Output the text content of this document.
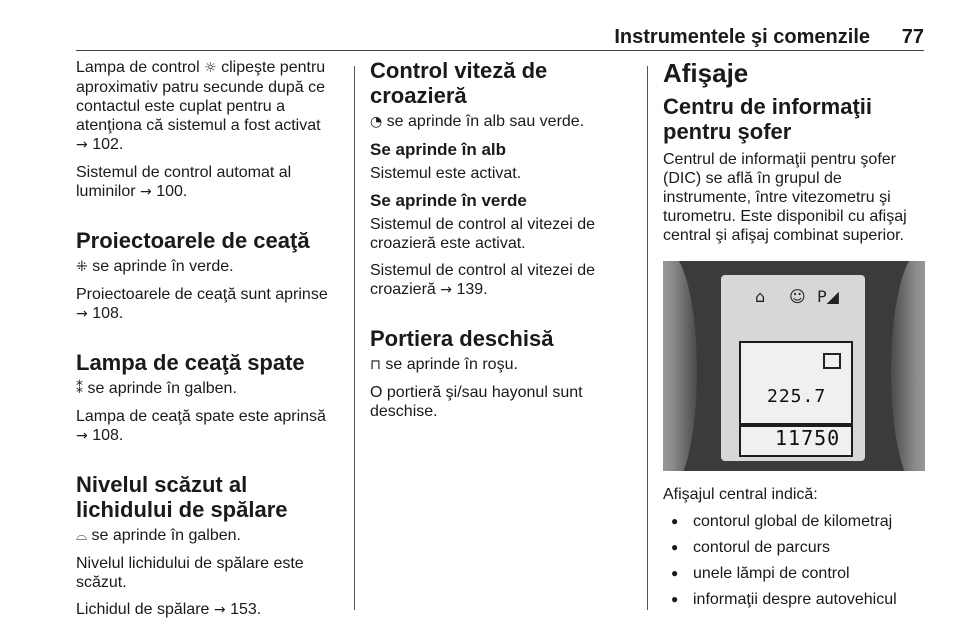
Instrumentele şi comenzile 77

Lampa de control ☼ clipeşte pentru aproximativ patru secunde după ce contactul este cuplat pentru a atenţiona că sistemul a fost activat
→ 102.

Sistemul de control automat al luminilor → 100.

Proiectoarele de ceaţă

⁜ se aprinde în verde.

Proiectoarele de ceaţă sunt aprinse
→ 108.

Lampa de ceaţă spate

⁑ se aprinde în galben.

Lampa de ceaţă spate este aprinsă
→ 108.

Nivelul scăzut al lichidului de spălare

⌓ se aprinde în galben.

Nivelul lichidului de spălare este scăzut.

Lichidul de spălare → 153.

Control viteză de croazieră

◔ se aprinde în alb sau verde.

Se aprinde în alb

Sistemul este activat.

Se aprinde în verde

Sistemul de control al vitezei de croazieră este activat.

Sistemul de control al vitezei de croazieră → 139.

Portiera deschisă

⊓ se aprinde în roşu.

O portieră şi/sau hayonul sunt deschise.

Afişaje
Centru de informaţii pentru şofer

Centrul de informaţii pentru şofer (DIC) se află în grupul de instrumente, între vitezometru şi turometru. Este disponibil cu afişaj central şi afişaj combinat superior.

⌂ ☺ P◢
225.7
11750

Afişajul central indică:

● contorul global de kilometraj
● contorul de parcurs
● unele lămpi de control
● informaţii despre autovehicul
